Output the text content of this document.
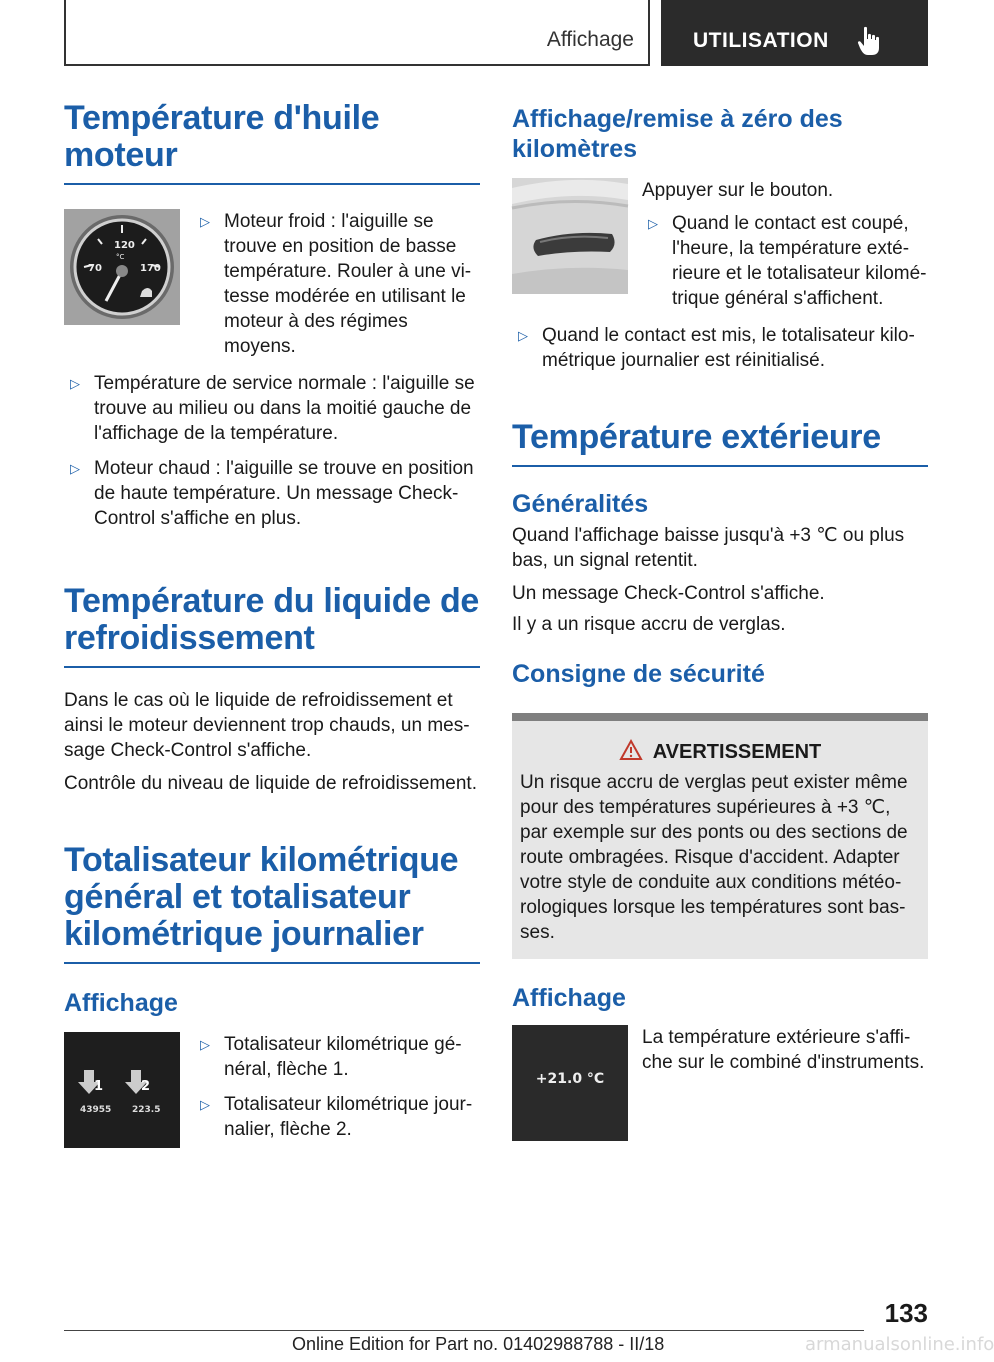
Affichage	UTILISATION
Température d'huile moteur
70
120
°C
170
▷ Moteur froid : l'aiguille se trouve en position de basse température. Rouler à une vitesse modérée en utilisant le moteur à des régimes moyens.
▷ Température de service normale : l'aiguille se trouve au milieu ou dans la moitié gauche de l'affichage de la température.
▷ Moteur chaud : l'aiguille se trouve en position de haute température. Un message Check-Control s'affiche en plus.
Température du liquide de refroidissement

Dans le cas où le liquide de refroidissement et ainsi le moteur deviennent trop chauds, un message Check-Control s'affiche.

Contrôle du niveau de liquide de refroidissement.

Totalisateur kilométrique général et totalisateur kilométrique journalier
Affichage
1	2
43955 223.5
▷ Totalisateur kilométrique général, flèche 1.
▷ Totalisateur kilométrique journalier, flèche 2.
Affichage/remise à zéro des kilomètres

Appuyer sur le bouton.

▷ Quand le contact est coupé, l'heure, la température extérieure et le totalisateur kilométrique général s'affichent.
▷ Quand le contact est mis, le totalisateur kilométrique journalier est réinitialisé.
Température extérieure
Généralités

Quand l'affichage baisse jusqu'à +3 ℃ ou plus bas, un signal retentit.

Un message Check-Control s'affiche.

Il y a un risque accru de verglas.

Consigne de sécurité
AVERTISSEMENT

Un risque accru de verglas peut exister même pour des températures supérieures à +3 ℃, par exemple sur des ponts ou des sections de route ombragées. Risque d'accident. Adapter votre style de conduite aux conditions météorologiques lorsque les températures sont basses.

Affichage
+21.0 °C

La température extérieure s'affiche sur le combiné d'instruments.

133
Online Edition for Part no. 01402988788 - II/18	armanualsonline.info
